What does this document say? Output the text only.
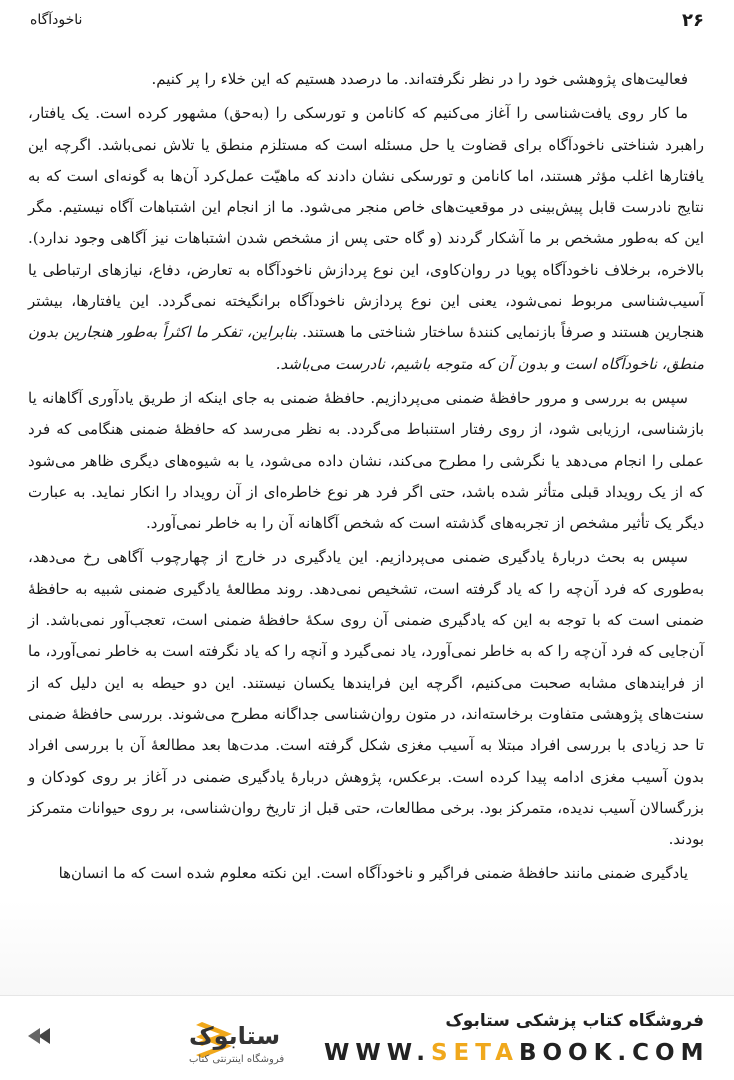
۲۶
ناخودآگاه

فعالیت‌های پژوهشی خود را در نظر نگرفته‌اند. ما درصدد هستیم که این خلاء را پر کنیم.

ما کار روی یافت‌شناسی را آغاز می‌کنیم که کانامن و تورسکی را (به‌حق) مشهور کرده است. یک یافتار، راهبرد شناختی ناخودآگاه برای قضاوت یا حل مسئله است که مستلزم منطق یا تلاش نمی‌باشد. اگرچه این یافتارها اغلب مؤثر هستند، اما کانامن و تورسکی نشان دادند که ماهیّت عمل‌کرد آن‌ها به گونه‌ای است که به نتایج نادرست قابل پیش‌بینی در موقعیت‌های خاص منجر می‌شود. ما از انجام این اشتباهات آگاه نیستیم. مگر این که به‌طور مشخص بر ما آشکار گردند (و گاه حتی پس از مشخص شدن اشتباهات نیز آگاهی وجود ندارد). بالاخره، برخلاف ناخودآگاه پویا در روان‌کاوی، این نوع پردازش ناخودآگاه به تعارض، دفاع، نیازهای ارتباطی یا آسیب‌شناسی مربوط نمی‌شود، یعنی این نوع پردازش ناخودآگاه برانگیخته نمی‌گردد. این یافتارها، بیشتر هنجارین هستند و صرفاً بازنمایی کنندهٔ ساختار شناختی ما هستند. بنابراین، تفکر ما اکثراً به‌طور هنجارین بدون منطق، ناخودآگاه است و بدون آن که متوجه باشیم، نادرست می‌باشد.

سپس به بررسی و مرور حافظهٔ ضمنی می‌پردازیم. حافظهٔ ضمنی به جای اینکه از طریق یادآوری آگاهانه یا بازشناسی، ارزیابی شود، از روی رفتار استنباط می‌گردد. به نظر می‌رسد که حافظهٔ ضمنی هنگامی که فرد عملی را انجام می‌دهد یا نگرشی را مطرح می‌کند، نشان داده می‌شود، یا به شیوه‌های دیگری ظاهر می‌شود که از یک رویداد قبلی متأثر شده باشد، حتی اگر فرد هر نوع خاطره‌ای از آن رویداد را انکار نماید. به عبارت دیگر یک تأثیر مشخص از تجربه‌های گذشته است که شخص آگاهانه آن را به خاطر نمی‌آورد.

سپس به بحث دربارهٔ یادگیری ضمنی می‌پردازیم. این یادگیری در خارج از چهارچوب آگاهی رخ می‌دهد، به‌طوری که فرد آن‌چه را که یاد گرفته است، تشخیص نمی‌دهد. روند مطالعهٔ یادگیری ضمنی شبیه به حافظهٔ ضمنی است که با توجه به این که یادگیری ضمنی آن روی سکهٔ حافظهٔ ضمنی است، تعجب‌آور نمی‌باشد. از آن‌جایی که فرد آن‌چه را که به خاطر نمی‌آورد، یاد نمی‌گیرد و آنچه را که یاد نگرفته است به خاطر نمی‌آورد، ما از فرایندهای مشابه صحبت می‌کنیم، اگرچه این فرایندها یکسان نیستند. این دو حیطه به این دلیل که از سنت‌های پژوهشی متفاوت برخاسته‌اند، در متون روان‌شناسی جداگانه مطرح می‌شوند. بررسی حافظهٔ ضمنی تا حد زیادی با بررسی افراد مبتلا به آسیب مغزی شکل گرفته است. مدت‌ها بعد مطالعهٔ آن با بررسی افراد بدون آسیب مغزی ادامه پیدا کرده است. برعکس، پژوهش دربارهٔ یادگیری ضمنی در آغاز بر روی کودکان و بزرگسالان آسیب ندیده، متمرکز بود. برخی مطالعات، حتی قبل از تاریخ روان‌شناسی، بر روی حیوانات متمرکز بودند.

یادگیری ضمنی مانند حافظهٔ ضمنی فراگیر و ناخودآگاه است. این نکته معلوم شده است که ما انسان‌ها

ستابوک
فروشگاه اینترنتی کتاب
فروشگاه کتاب پزشکی ستابوک
WWW.SETABOOK.COM
